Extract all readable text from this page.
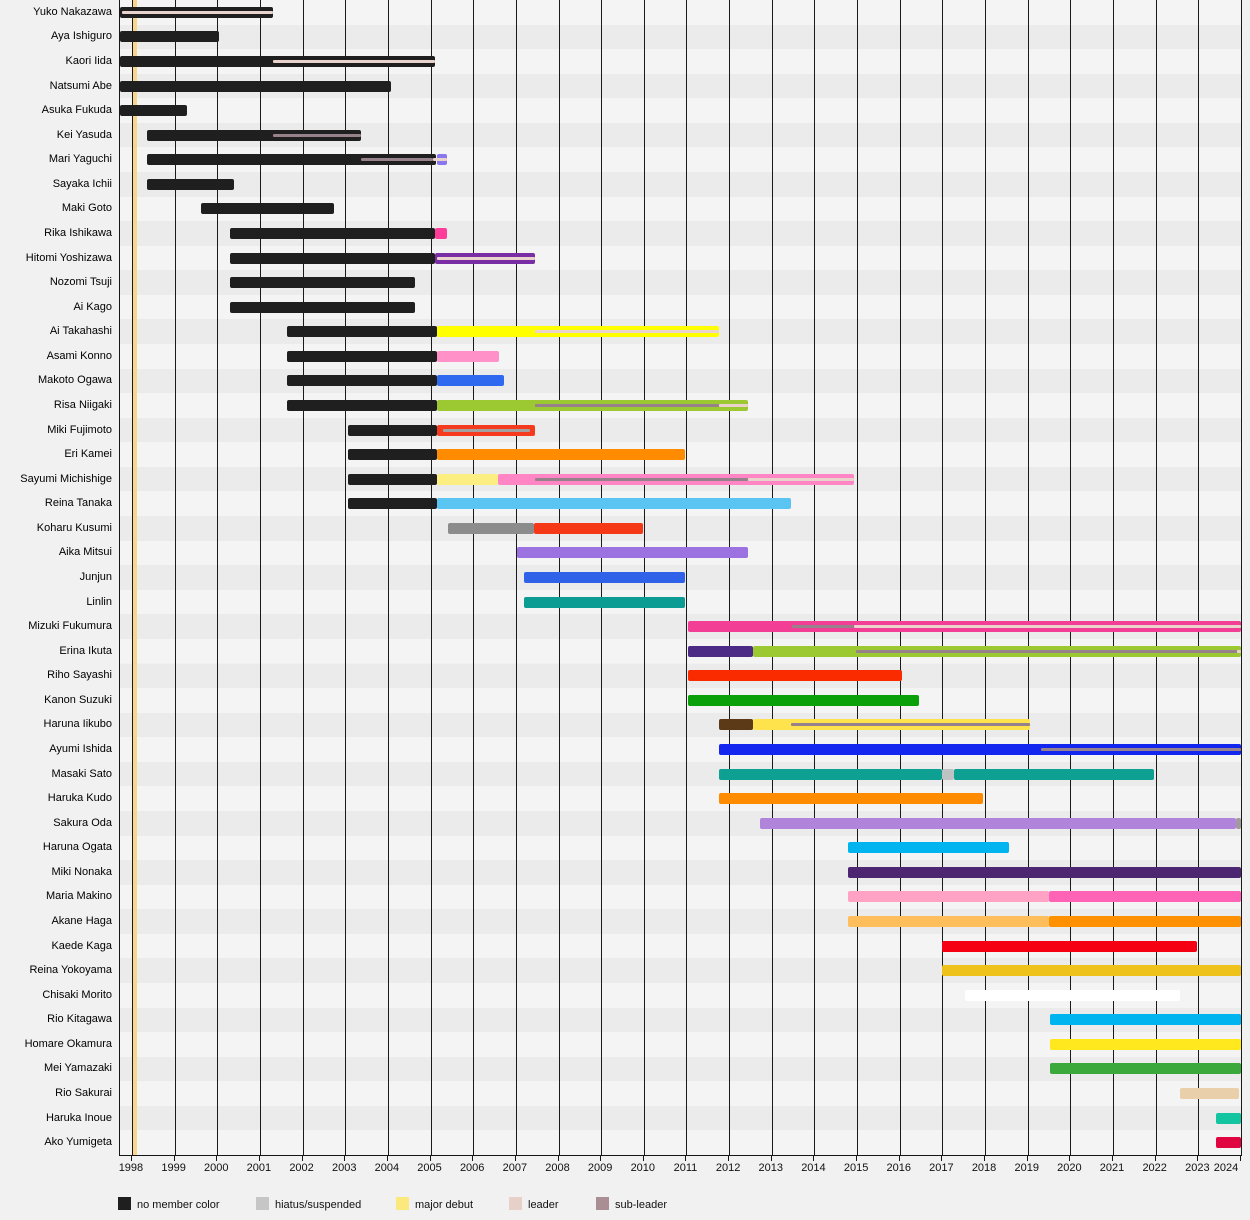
Yuko Nakazawa
Aya Ishiguro
Kaori Iida
Natsumi Abe
Asuka Fukuda
Kei Yasuda
Mari Yaguchi
Sayaka Ichii
Maki Goto
Rika Ishikawa
Hitomi Yoshizawa
Nozomi Tsuji
Ai Kago
Ai Takahashi
Asami Konno
Makoto Ogawa
Risa Niigaki
Miki Fujimoto
Eri Kamei
Sayumi Michishige
Reina Tanaka
Koharu Kusumi
Aika Mitsui
Junjun
Linlin
Mizuki Fukumura
Erina Ikuta
Riho Sayashi
Kanon Suzuki
Haruna Iikubo
Ayumi Ishida
Masaki Sato
Haruka Kudo
Sakura Oda
Haruna Ogata
Miki Nonaka
Maria Makino
Akane Haga
Kaede Kaga
Reina Yokoyama
Chisaki Morito
Rio Kitagawa
Homare Okamura
Mei Yamazaki
Rio Sakurai
Haruka Inoue
Ako Yumigeta
1998	1999	2000	2001	2002	2003	2004	2005	2006	2007	2008	2009	2010	2011	2012	2013	2014	2015	2016	2017	2018	2019	2020	2021	2022	2023 2024
no member color	hiatus/suspended	major debut	leader	sub-leader
